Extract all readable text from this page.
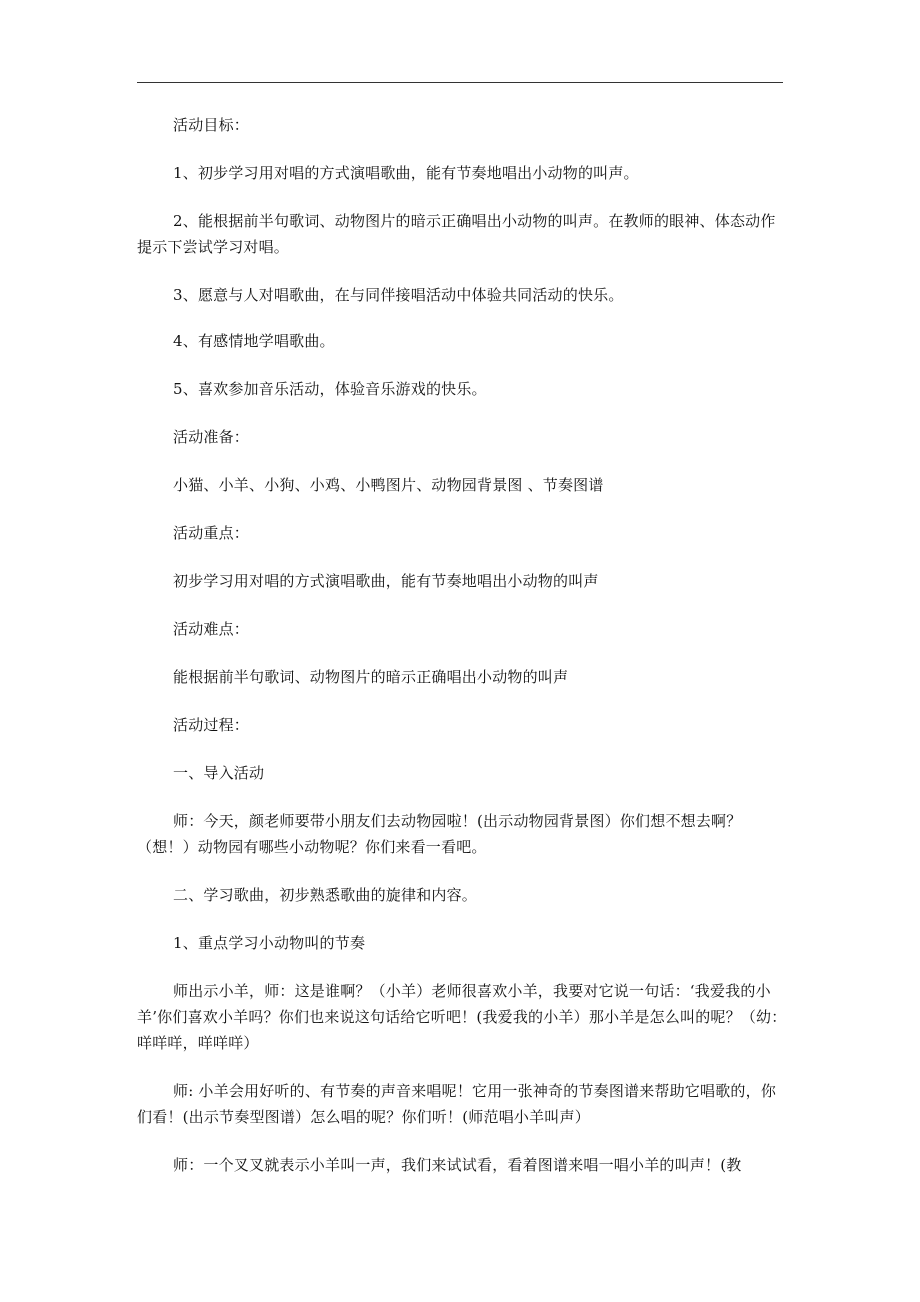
活动目标：

1、初步学习用对唱的方式演唱歌曲，能有节奏地唱出小动物的叫声。

2、能根据前半句歌词、动物图片的暗示正确唱出小动物的叫声。在教师的眼神、体态动作提示下尝试学习对唱。

3、愿意与人对唱歌曲，在与同伴接唱活动中体验共同活动的快乐。

4、有感情地学唱歌曲。

5、喜欢参加音乐活动，体验音乐游戏的快乐。

活动准备：

小猫、小羊、小狗、小鸡、小鸭图片、动物园背景图 、节奏图谱

活动重点：

初步学习用对唱的方式演唱歌曲，能有节奏地唱出小动物的叫声

活动难点：

能根据前半句歌词、动物图片的暗示正确唱出小动物的叫声

活动过程：

一、导入活动

师：今天，颜老师要带小朋友们去动物园啦！(出示动物园背景图）你们想不想去啊？（想！）动物园有哪些小动物呢？你们来看一看吧。

二、学习歌曲，初步熟悉歌曲的旋律和内容。

1、重点学习小动物叫的节奏

师出示小羊，师：这是谁啊？（小羊）老师很喜欢小羊，我要对它说一句话：‘我爱我的小羊’你们喜欢小羊吗？你们也来说这句话给它听吧！(我爱我的小羊）那小羊是怎么叫的呢？（幼：咩咩咩，咩咩咩）

师: 小羊会用好听的、有节奏的声音来唱呢！它用一张神奇的节奏图谱来帮助它唱歌的，你们看！(出示节奏型图谱）怎么唱的呢？你们听！(师范唱小羊叫声）

师：一个叉叉就表示小羊叫一声，我们来试试看，看着图谱来唱一唱小羊的叫声！(教
